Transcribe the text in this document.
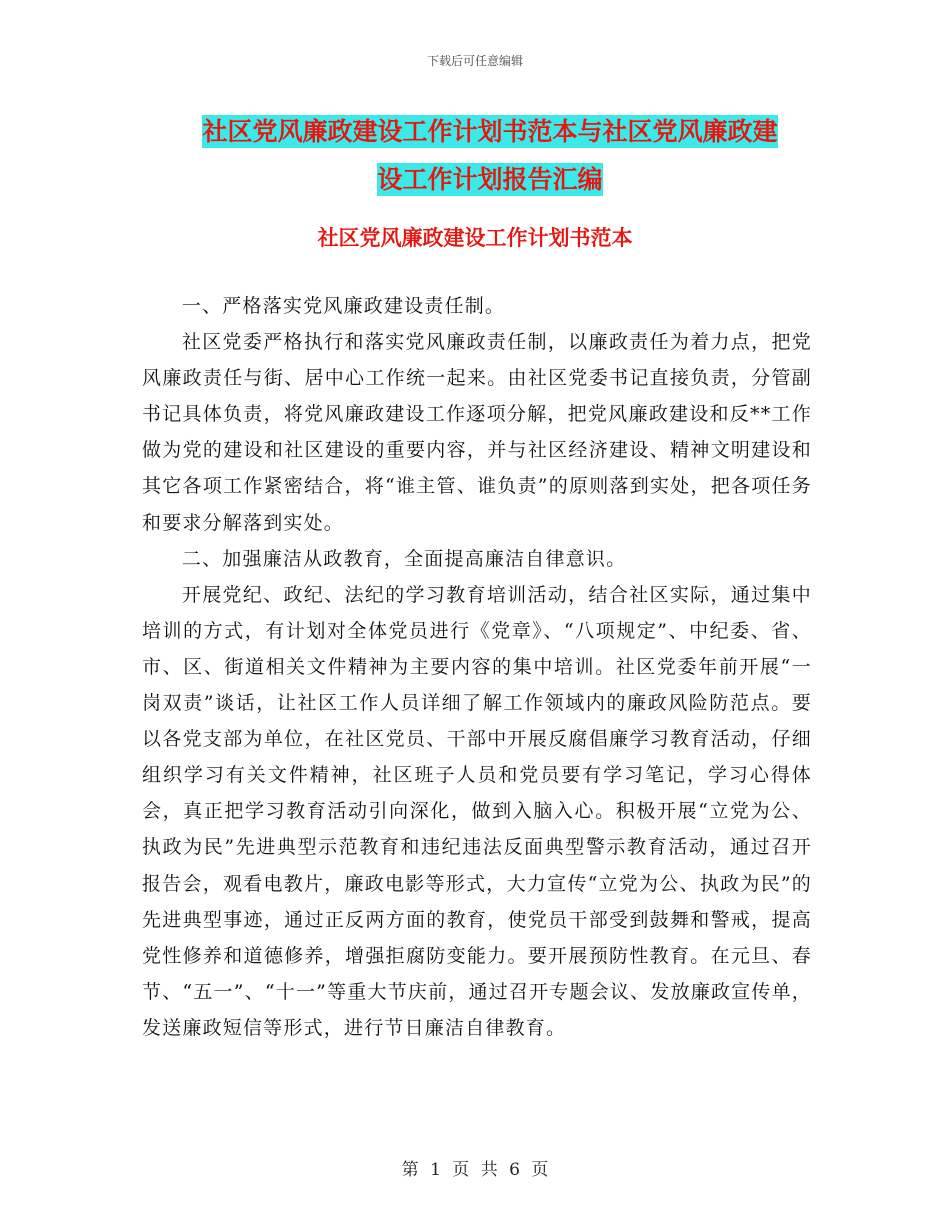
下载后可任意编辑
社区党风廉政建设工作计划书范本与社区党风廉政建
设工作计划报告汇编
社区党风廉政建设工作计划书范本

一、严格落实党风廉政建设责任制。

社区党委严格执行和落实党风廉政责任制，以廉政责任为着力点，把党风廉政责任与街、居中心工作统一起来。由社区党委书记直接负责，分管副书记具体负责，将党风廉政建设工作逐项分解，把党风廉政建设和反**工作做为党的建设和社区建设的重要内容，并与社区经济建设、精神文明建设和其它各项工作紧密结合，将“谁主管、谁负责”的原则落到实处，把各项任务和要求分解落到实处。

二、加强廉洁从政教育，全面提高廉洁自律意识。

开展党纪、政纪、法纪的学习教育培训活动，结合社区实际，通过集中培训的方式，有计划对全体党员进行《党章》、“八项规定”、中纪委、省、市、区、街道相关文件精神为主要内容的集中培训。社区党委年前开展“一岗双责”谈话，让社区工作人员详细了解工作领域内的廉政风险防范点。要以各党支部为单位，在社区党员、干部中开展反腐倡廉学习教育活动，仔细组织学习有关文件精神，社区班子人员和党员要有学习笔记，学习心得体会，真正把学习教育活动引向深化，做到入脑入心。积极开展“立党为公、执政为民”先进典型示范教育和违纪违法反面典型警示教育活动，通过召开报告会，观看电教片，廉政电影等形式，大力宣传“立党为公、执政为民”的先进典型事迹，通过正反两方面的教育，使党员干部受到鼓舞和警戒，提高党性修养和道德修养，增强拒腐防变能力。要开展预防性教育。在元旦、春节、“五一”、“十一”等重大节庆前，通过召开专题会议、发放廉政宣传单，发送廉政短信等形式，进行节日廉洁自律教育。

第 1 页 共 6 页
